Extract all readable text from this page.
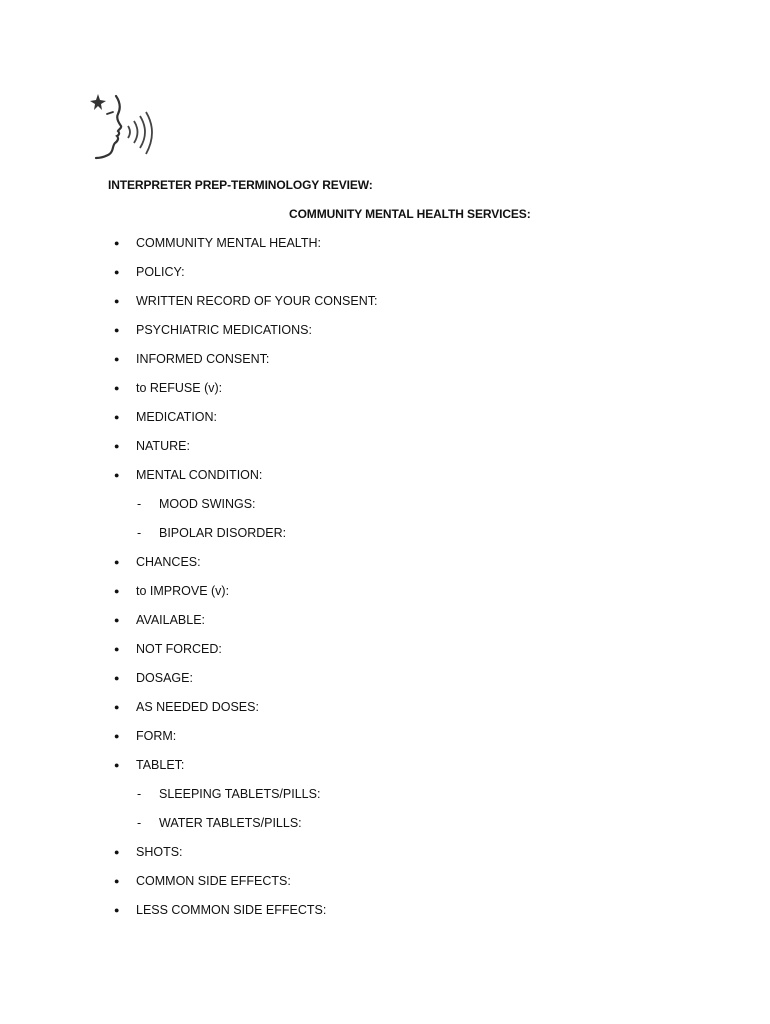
INTERPRETER PREP-TERMINOLOGY REVIEW:
COMMUNITY MENTAL HEALTH SERVICES:
● COMMUNITY MENTAL HEALTH:
● POLICY:
● WRITTEN RECORD OF YOUR CONSENT:
● PSYCHIATRIC MEDICATIONS:
● INFORMED CONSENT:
● to REFUSE (v):
● MEDICATION:
● NATURE:
● MENTAL CONDITION:
- MOOD SWINGS:
- BIPOLAR DISORDER:
● CHANCES:
● to IMPROVE (v):
● AVAILABLE:
● NOT FORCED:
● DOSAGE:
● AS NEEDED DOSES:
● FORM:
● TABLET:
- SLEEPING TABLETS/PILLS:
- WATER TABLETS/PILLS:
● SHOTS:
● COMMON SIDE EFFECTS:
● LESS COMMON SIDE EFFECTS:
